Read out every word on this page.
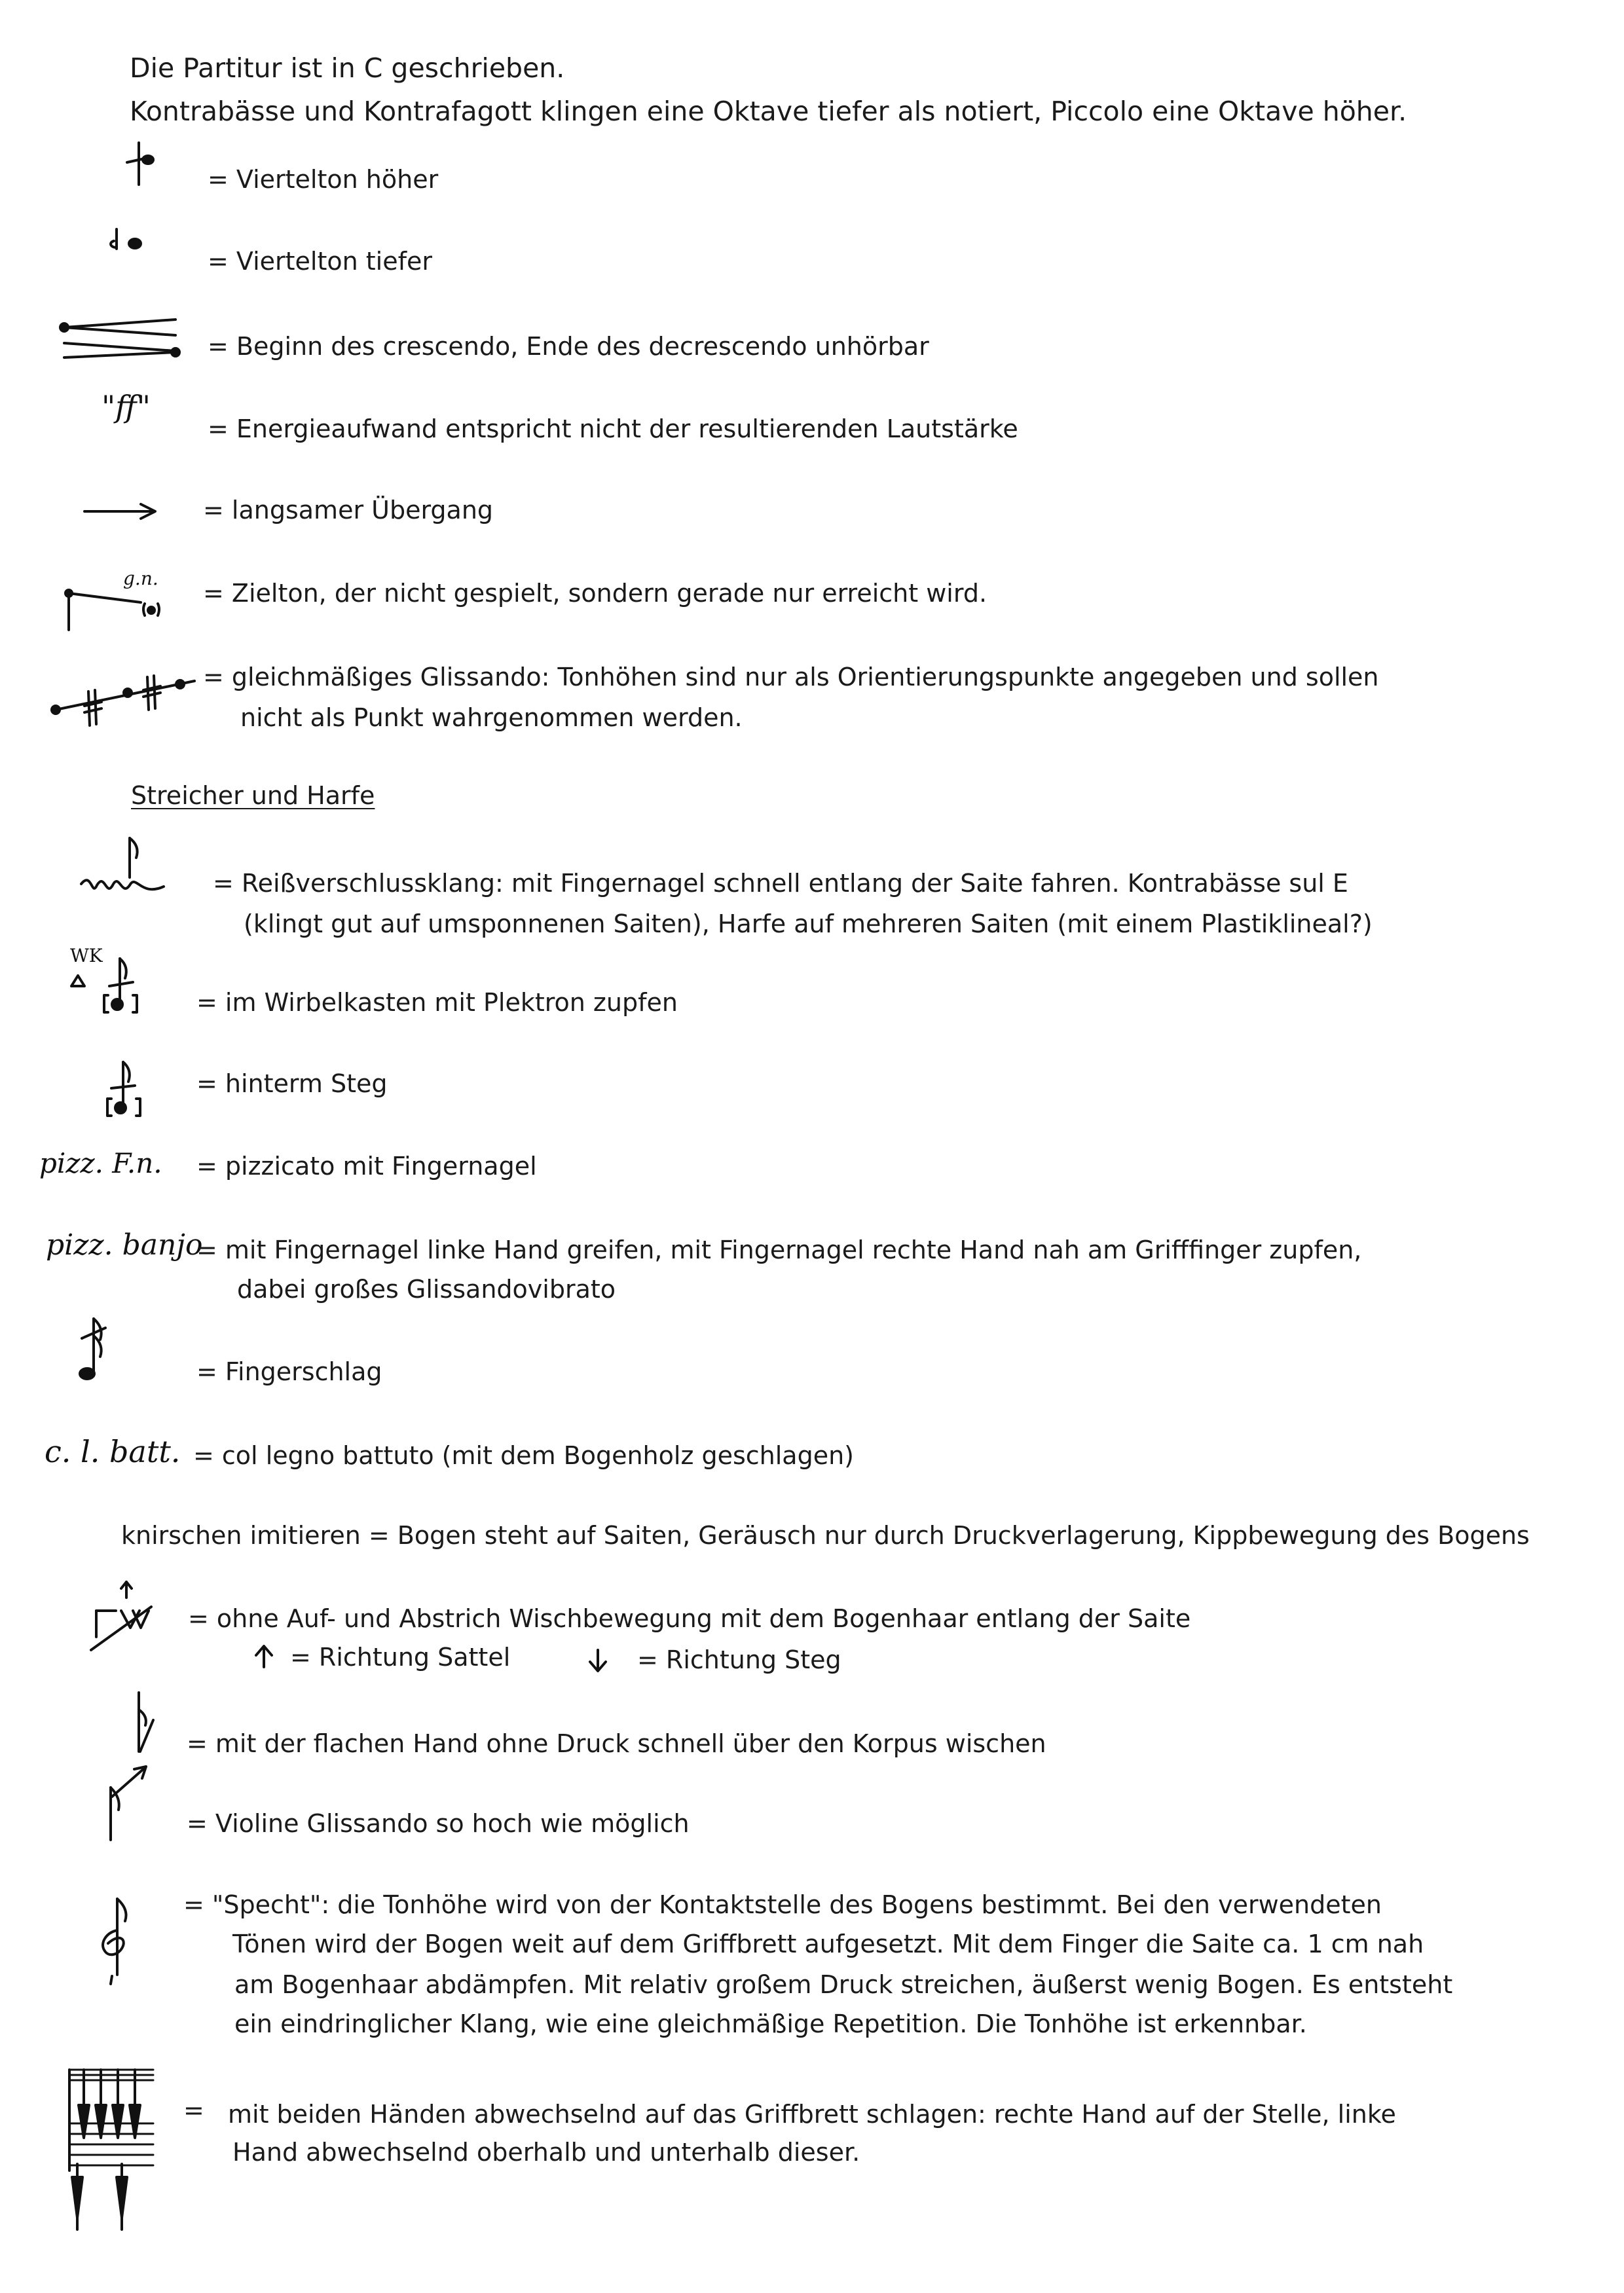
Die Partitur ist in C geschrieben.
Kontrabässe und Kontrafagott klingen eine Oktave tiefer als notiert, Piccolo eine Oktave höher.
= Viertelton höher
= Viertelton tiefer
= Beginn des crescendo, Ende des decrescendo unhörbar
"ff"
= Energieaufwand entspricht nicht der resultierenden Lautstärke
= langsamer Übergang
g.n.
= Zielton, der nicht gespielt, sondern gerade nur erreicht wird.
= gleichmäßiges Glissando: Tonhöhen sind nur als Orientierungspunkte angegeben und sollen
nicht als Punkt wahrgenommen werden.
Streicher und Harfe
= Reißverschlussklang: mit Fingernagel schnell entlang der Saite fahren. Kontrabässe sul E
(klingt gut auf umsponnenen Saiten), Harfe auf mehreren Saiten (mit einem Plastiklineal?)
WK
= im Wirbelkasten mit Plektron zupfen
= hinterm Steg
pizz. F.n. = pizzicato mit Fingernagel
pizz. banjo
= mit Fingernagel linke Hand greifen, mit Fingernagel rechte Hand nah am Grifffinger zupfen,
dabei großes Glissandovibrato
= Fingerschlag
c. l. batt. = col legno battuto (mit dem Bogenholz geschlagen)
knirschen imitieren = Bogen steht auf Saiten, Geräusch nur durch Druckverlagerung, Kippbewegung des Bogens
= ohne Auf- und Abstrich Wischbewegung mit dem Bogenhaar entlang der Saite
= Richtung Sattel	= Richtung Steg
= mit der flachen Hand ohne Druck schnell über den Korpus wischen
= Violine Glissando so hoch wie möglich
= "Specht": die Tonhöhe wird von der Kontaktstelle des Bogens bestimmt. Bei den verwendeten
Tönen wird der Bogen weit auf dem Griffbrett aufgesetzt. Mit dem Finger die Saite ca. 1 cm nah
am Bogenhaar abdämpfen. Mit relativ großem Druck streichen, äußerst wenig Bogen. Es entsteht
ein eindringlicher Klang, wie eine gleichmäßige Repetition. Die Tonhöhe ist erkennbar.
= mit beiden Händen abwechselnd auf das Griffbrett schlagen: rechte Hand auf der Stelle, linke
Hand abwechselnd oberhalb und unterhalb dieser.
